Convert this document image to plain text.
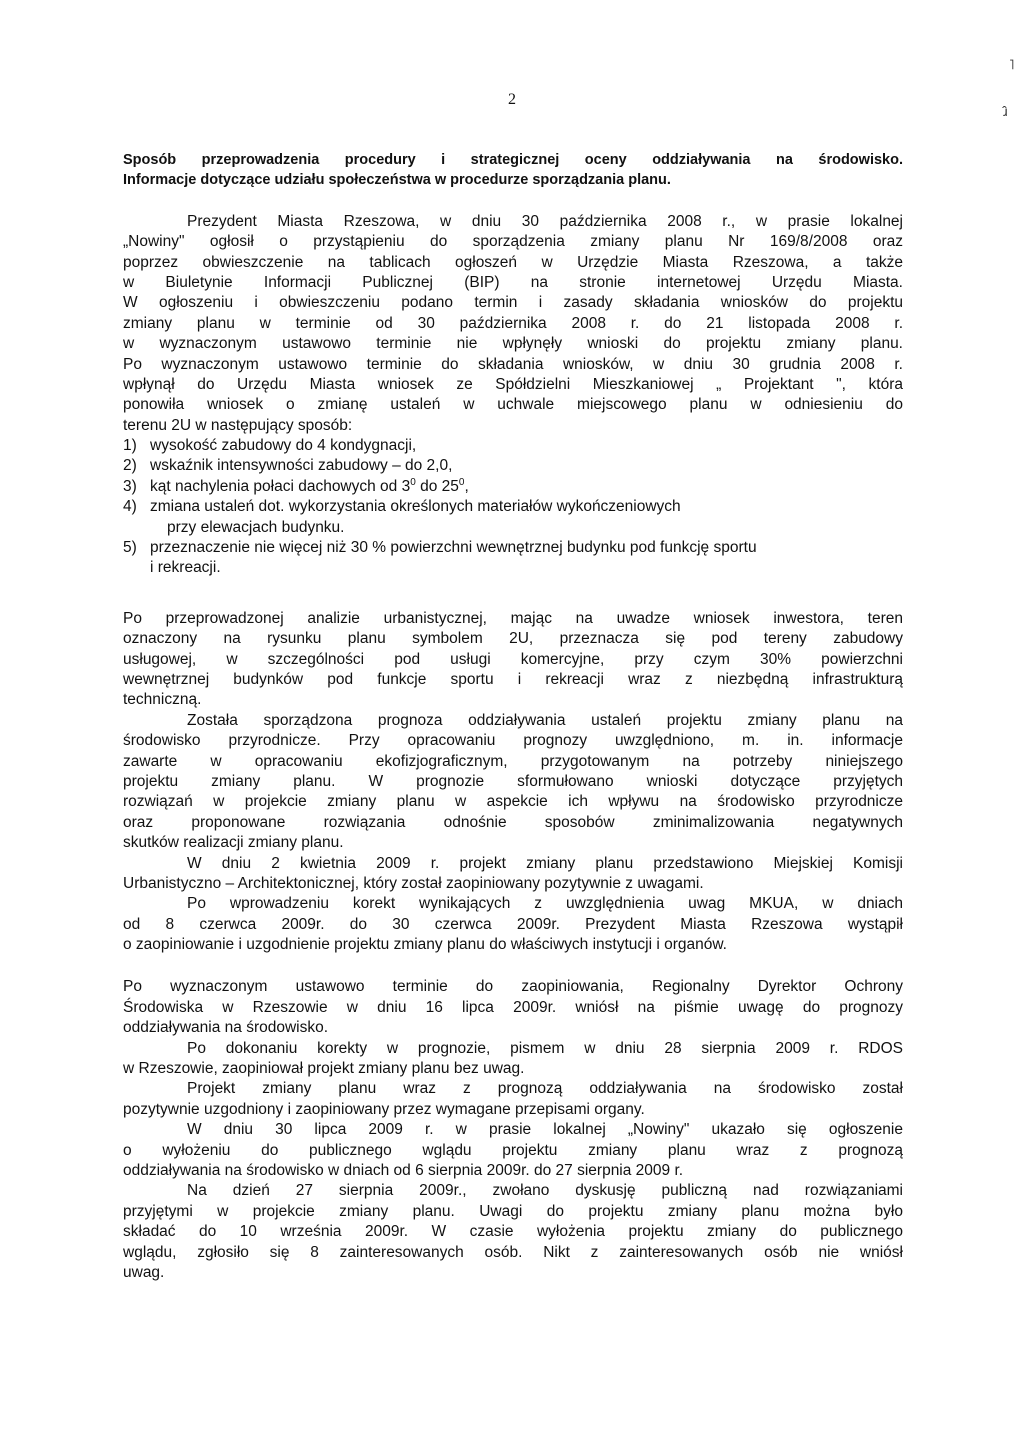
2
˥
ɹ̂
Sposób przeprowadzenia procedury i strategicznej oceny oddziaływania na środowisko.
Informacje dotyczące udziału społeczeństwa w procedurze sporządzania planu.
Prezydent Miasta Rzeszowa, w dniu 30 października 2008 r., w prasie lokalnej
„Nowiny" ogłosił o przystąpieniu do sporządzenia zmiany planu Nr 169/8/2008 oraz
poprzez obwieszczenie na tablicach ogłoszeń w Urzędzie Miasta Rzeszowa, a także
w Biuletynie Informacji Publicznej (BIP) na stronie internetowej Urzędu Miasta.
W ogłoszeniu i obwieszczeniu podano termin i zasady składania wniosków do projektu
zmiany planu w terminie od 30 października 2008 r. do 21 listopada 2008 r.
w wyznaczonym ustawowo terminie nie wpłynęły wnioski do projektu zmiany planu.
Po wyznaczonym ustawowo terminie do składania wniosków, w dniu 30 grudnia 2008 r.
wpłynął do Urzędu Miasta wniosek ze Spółdzielni Mieszkaniowej „ Projektant ", która
ponowiła wniosek o zmianę ustaleń w uchwale miejscowego planu w odniesieniu do
terenu 2U w następujący sposób:
1) wysokość zabudowy do 4 kondygnacji,
2) wskaźnik intensywności zabudowy – do 2,0,
3) kąt nachylenia połaci dachowych od $3^0$ do $25^0$,
4) zmiana ustaleń dot. wykorzystania określonych materiałów wykończeniowych
przy elewacjach budynku.
5) przeznaczenie nie więcej niż 30 % powierzchni wewnętrznej budynku pod funkcję sportu
i rekreacji.
Po przeprowadzonej analizie urbanistycznej, mając na uwadze wniosek inwestora, teren
oznaczony na rysunku planu symbolem 2U, przeznacza się pod tereny zabudowy
usługowej, w szczególności pod usługi komercyjne, przy czym 30% powierzchni
wewnętrznej budynków pod funkcje sportu i rekreacji wraz z niezbędną infrastrukturą
techniczną.
Została sporządzona prognoza oddziaływania ustaleń projektu zmiany planu na
środowisko przyrodnicze. Przy opracowaniu prognozy uwzględniono, m. in. informacje
zawarte w opracowaniu ekofizjograficznym, przygotowanym na potrzeby niniejszego
projektu zmiany planu. W prognozie sformułowano wnioski dotyczące przyjętych
rozwiązań w projekcie zmiany planu w aspekcie ich wpływu na środowisko przyrodnicze
oraz proponowane rozwiązania odnośnie sposobów zminimalizowania negatywnych
skutków realizacji zmiany planu.
W dniu 2 kwietnia 2009 r. projekt zmiany planu przedstawiono Miejskiej Komisji
Urbanistyczno – Architektonicznej, który został zaopiniowany pozytywnie z uwagami.
Po wprowadzeniu korekt wynikających z uwzględnienia uwag MKUA, w dniach
od 8 czerwca 2009r. do 30 czerwca 2009r. Prezydent Miasta Rzeszowa wystąpił
o zaopiniowanie i uzgodnienie projektu zmiany planu do właściwych instytucji i organów.
Po wyznaczonym ustawowo terminie do zaopiniowania, Regionalny Dyrektor Ochrony
Środowiska w Rzeszowie w dniu 16 lipca 2009r. wniósł na piśmie uwagę do prognozy
oddziaływania na środowisko.
Po dokonaniu korekty w prognozie, pismem w dniu 28 sierpnia 2009 r. RDOS
w Rzeszowie, zaopiniował projekt zmiany planu bez uwag.
Projekt zmiany planu wraz z prognozą oddziaływania na środowisko został
pozytywnie uzgodniony i zaopiniowany przez wymagane przepisami organy.
W dniu 30 lipca 2009 r. w prasie lokalnej „Nowiny" ukazało się ogłoszenie
o wyłożeniu do publicznego wglądu projektu zmiany planu wraz z prognozą
oddziaływania na środowisko w dniach od 6 sierpnia 2009r. do 27 sierpnia 2009 r.
Na dzień 27 sierpnia 2009r., zwołano dyskusję publiczną nad rozwiązaniami
przyjętymi w projekcie zmiany planu. Uwagi do projektu zmiany planu można było
składać do 10 września 2009r. W czasie wyłożenia projektu zmiany do publicznego
wglądu, zgłosiło się 8 zainteresowanych osób. Nikt z zainteresowanych osób nie wniósł
uwag.
